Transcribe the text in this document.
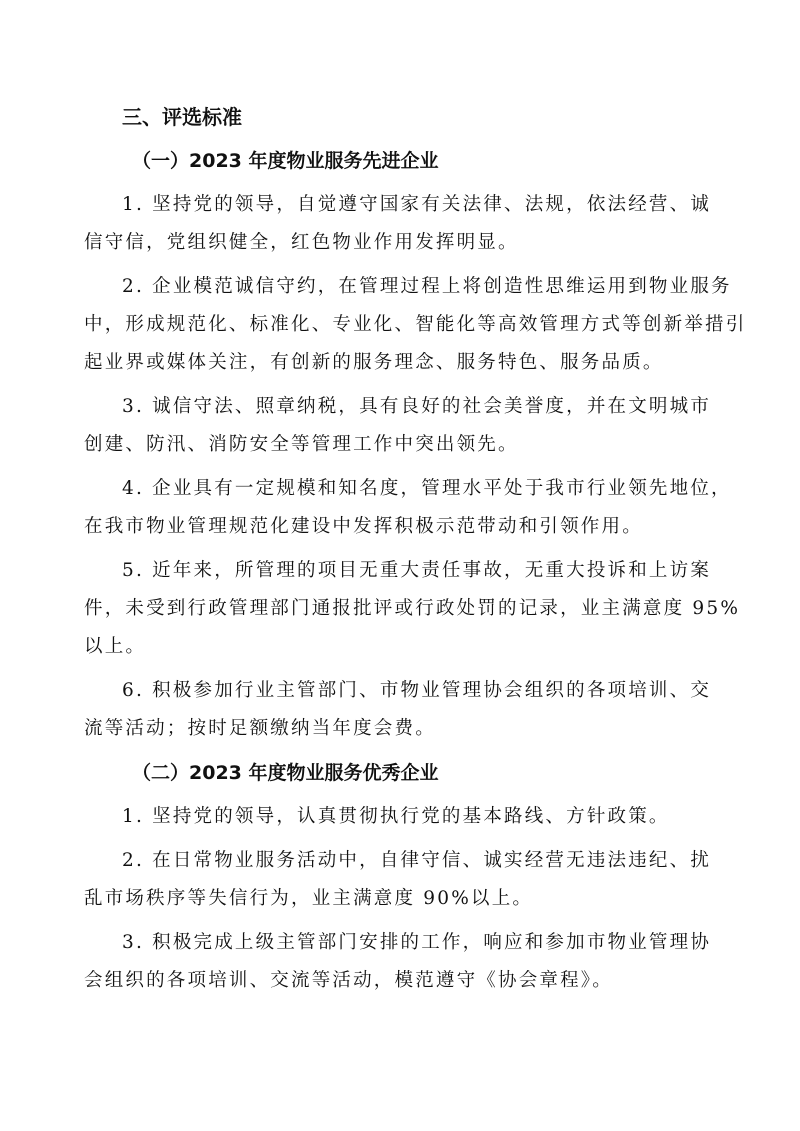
三、评选标准
（一）2023 年度物业服务先进企业

1. 坚持党的领导，自觉遵守国家有关法律、法规，依法经营、诚
信守信，党组织健全，红色物业作用发挥明显。

2. 企业模范诚信守约，在管理过程上将创造性思维运用到物业服务
中，形成规范化、标准化、专业化、智能化等高效管理方式等创新举措引
起业界或媒体关注，有创新的服务理念、服务特色、服务品质。

3. 诚信守法、照章纳税，具有良好的社会美誉度，并在文明城市
创建、防汛、消防安全等管理工作中突出领先。

4. 企业具有一定规模和知名度，管理水平处于我市行业领先地位，
在我市物业管理规范化建设中发挥积极示范带动和引领作用。

5. 近年来，所管理的项目无重大责任事故，无重大投诉和上访案
件，未受到行政管理部门通报批评或行政处罚的记录，业主满意度 95%
以上。

6. 积极参加行业主管部门、市物业管理协会组织的各项培训、交
流等活动；按时足额缴纳当年度会费。

（二）2023 年度物业服务优秀企业

1. 坚持党的领导，认真贯彻执行党的基本路线、方针政策。

2. 在日常物业服务活动中，自律守信、诚实经营无违法违纪、扰
乱市场秩序等失信行为，业主满意度 90%以上。

3. 积极完成上级主管部门安排的工作，响应和参加市物业管理协
会组织的各项培训、交流等活动，模范遵守《协会章程》。
